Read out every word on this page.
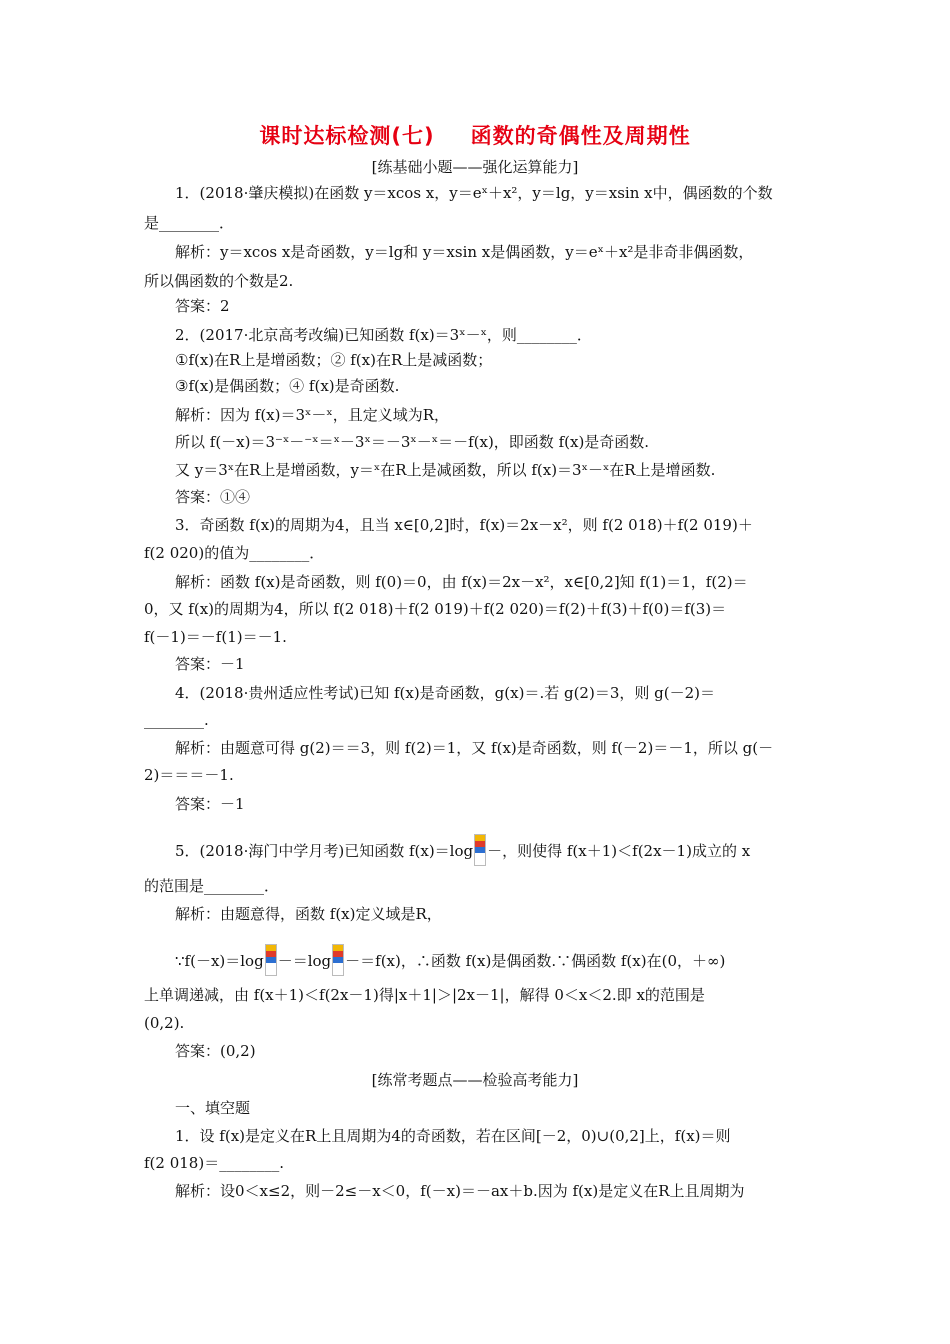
课时达标检测(七) 函数的奇偶性及周期性
[练基础小题——强化运算能力]
1．(2018·肇庆模拟)在函数 y＝xcos x，y＝eˣ＋x²，y＝lg，y＝xsin x中，偶函数的个数
是________．
解析：y＝xcos x是奇函数，y＝lg和 y＝xsin x是偶函数，y＝eˣ＋x²是非奇非偶函数，
所以偶函数的个数是2.
答案：2
2．(2017·北京高考改编)已知函数 f(x)＝3ˣ－ˣ，则________．
①f(x)在R上是增函数；② f(x)在R上是减函数；
③f(x)是偶函数；④ f(x)是奇函数.
解析：因为 f(x)＝3ˣ－ˣ，且定义域为R，
所以 f(－x)＝3⁻ˣ－⁻ˣ＝ˣ－3ˣ＝－3ˣ－ˣ＝－f(x)，即函数 f(x)是奇函数.
又 y＝3ˣ在R上是增函数，y＝ˣ在R上是减函数，所以 f(x)＝3ˣ－ˣ在R上是增函数.
答案：①④
3．奇函数 f(x)的周期为4，且当 x∈[0,2]时，f(x)＝2x－x²，则 f(2 018)＋f(2 019)＋
f(2 020)的值为________．
解析：函数 f(x)是奇函数，则 f(0)＝0，由 f(x)＝2x－x²，x∈[0,2]知 f(1)＝1，f(2)＝
0，又 f(x)的周期为4，所以 f(2 018)＋f(2 019)＋f(2 020)＝f(2)＋f(3)＋f(0)＝f(3)＝
f(－1)＝－f(1)＝－1.
答案：－1
4．(2018·贵州适应性考试)已知 f(x)是奇函数，g(x)＝.若 g(2)＝3，则 g(－2)＝
________.
解析：由题意可得 g(2)＝＝3，则 f(2)＝1，又 f(x)是奇函数，则 f(－2)＝－1，所以 g(－
2)＝＝＝－1.
答案：－1
5．(2018·海门中学月考)已知函数 f(x)＝log －，则使得 f(x＋1)＜f(2x－1)成立的 x
的范围是________．
解析：由题意得，函数 f(x)定义域是R，
∵f(－x)＝log －＝log －＝f(x)，∴函数 f(x)是偶函数.∵偶函数 f(x)在(0，＋∞)
上单调递减，由 f(x＋1)＜f(2x－1)得|x＋1|＞|2x－1|，解得 0＜x＜2.即 x的范围是
(0,2).
答案：(0,2)
[练常考题点——检验高考能力]
一、填空题
1．设 f(x)是定义在R上且周期为4的奇函数，若在区间[－2，0)∪(0,2]上，f(x)＝则
f(2 018)＝________.
解析：设0＜x≤2，则－2≤－x＜0，f(－x)＝－ax＋b.因为 f(x)是定义在R上且周期为
